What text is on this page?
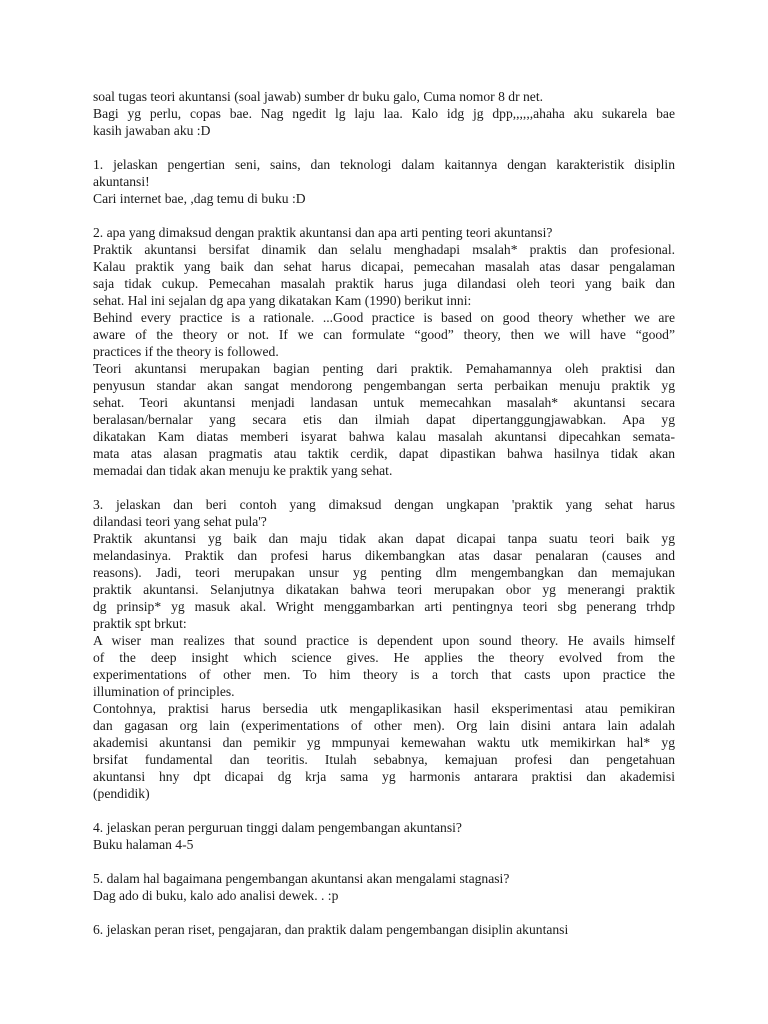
soal tugas teori akuntansi (soal jawab) sumber dr buku galo, Cuma nomor 8 dr net.
Bagi yg perlu, copas bae. Nag ngedit lg laju laa. Kalo idg jg dpp,,,,,,ahaha aku sukarela bae
kasih jawaban aku :D
1. jelaskan pengertian seni, sains, dan teknologi dalam kaitannya dengan karakteristik disiplin
akuntansi!
Cari internet bae, ,dag temu di buku :D
2. apa yang dimaksud dengan praktik akuntansi dan apa arti penting teori akuntansi?
Praktik akuntansi bersifat dinamik dan selalu menghadapi msalah* praktis dan profesional.
Kalau praktik yang baik dan sehat harus dicapai, pemecahan masalah atas dasar pengalaman
saja tidak cukup. Pemecahan masalah praktik harus juga dilandasi oleh teori yang baik dan
sehat. Hal ini sejalan dg apa yang dikatakan Kam (1990) berikut inni:
Behind every practice is a rationale. ...Good practice is based on good theory whether we are
aware of the theory or not. If we can formulate “good” theory, then we will have “good”
practices if the theory is followed.
Teori akuntansi merupakan bagian penting dari praktik. Pemahamannya oleh praktisi dan
penyusun standar akan sangat mendorong pengembangan serta perbaikan menuju praktik yg
sehat. Teori akuntansi menjadi landasan untuk memecahkan masalah* akuntansi secara
beralasan/bernalar yang secara etis dan ilmiah dapat dipertanggungjawabkan. Apa yg
dikatakan Kam diatas memberi isyarat bahwa kalau masalah akuntansi dipecahkan semata-
mata atas alasan pragmatis atau taktik cerdik, dapat dipastikan bahwa hasilnya tidak akan
memadai dan tidak akan menuju ke praktik yang sehat.
3. jelaskan dan beri contoh yang dimaksud dengan ungkapan 'praktik yang sehat harus
dilandasi teori yang sehat pula'?
Praktik akuntansi yg baik dan maju tidak akan dapat dicapai tanpa suatu teori baik yg
melandasinya. Praktik dan profesi harus dikembangkan atas dasar penalaran (causes and
reasons). Jadi, teori merupakan unsur yg penting dlm mengembangkan dan memajukan
praktik akuntansi. Selanjutnya dikatakan bahwa teori merupakan obor yg menerangi praktik
dg prinsip* yg masuk akal. Wright menggambarkan arti pentingnya teori sbg penerang trhdp
praktik spt brkut:
A wiser man realizes that sound practice is dependent upon sound theory. He avails himself
of the deep insight which science gives. He applies the theory evolved from the
experimentations of other men. To him theory is a torch that casts upon practice the
illumination of principles.
Contohnya, praktisi harus bersedia utk mengaplikasikan hasil eksperimentasi atau pemikiran
dan gagasan org lain (experimentations of other men). Org lain disini antara lain adalah
akademisi akuntansi dan pemikir yg mmpunyai kemewahan waktu utk memikirkan hal* yg
brsifat fundamental dan teoritis. Itulah sebabnya, kemajuan profesi dan pengetahuan
akuntansi hny dpt dicapai dg krja sama yg harmonis antarara praktisi dan akademisi
(pendidik)
4. jelaskan peran perguruan tinggi dalam pengembangan akuntansi?
Buku halaman 4-5
5. dalam hal bagaimana pengembangan akuntansi akan mengalami stagnasi?
Dag ado di buku, kalo ado analisi dewek. . :p
6. jelaskan peran riset, pengajaran, dan praktik dalam pengembangan disiplin akuntansi
